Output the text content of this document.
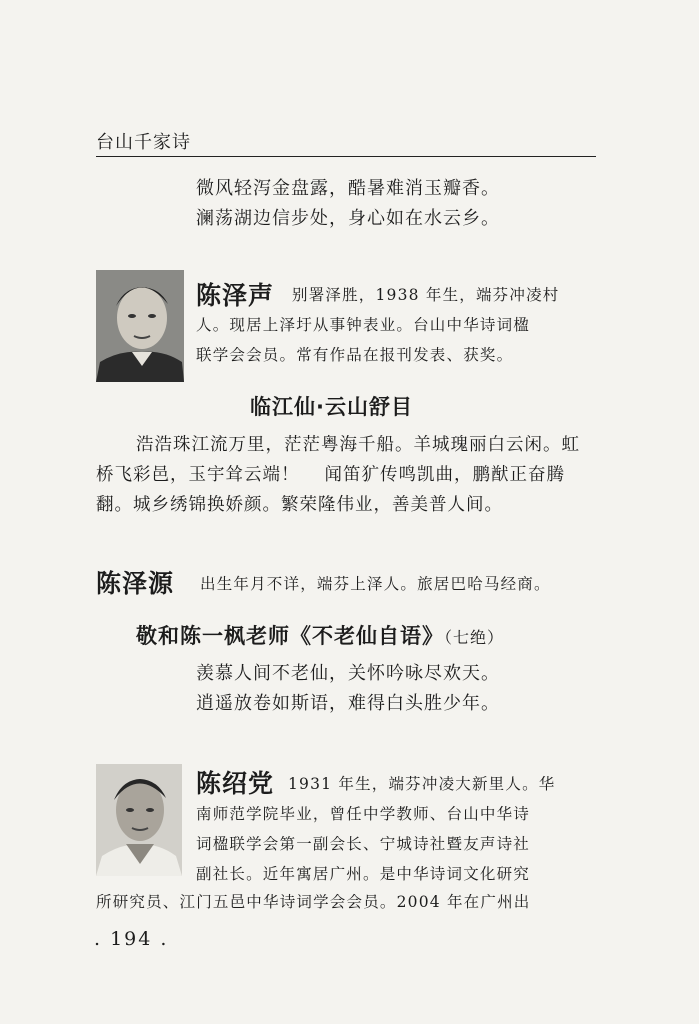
台山千家诗
微风轻泻金盘露，酷暑难消玉瓣香。
澜荡湖边信步处，身心如在水云乡。
陈泽声 别署泽胜，1938 年生，端芬冲凌村
人。现居上泽圩从事钟表业。台山中华诗词楹
联学会会员。常有作品在报刊发表、获奖。
临江仙·云山舒目
浩浩珠江流万里，茫茫粤海千船。羊城瑰丽白云闲。虹
桥飞彩邑，玉宇耸云端！　 闻笛犷传鸣凯曲，鹏猷正奋腾
翻。城乡绣锦换娇颜。繁荣隆伟业，善美普人间。
陈泽源 出生年月不详，端芬上泽人。旅居巴哈马经商。
敬和陈一枫老师《不老仙自语》（七绝）
羡慕人间不老仙，关怀吟咏尽欢天。
逍遥放卷如斯语，难得白头胜少年。
陈绍党 1931 年生，端芬冲凌大新里人。华
南师范学院毕业，曾任中学教师、台山中华诗
词楹联学会第一副会长、宁城诗社暨友声诗社
副社长。近年寓居广州。是中华诗词文化研究
所研究员、江门五邑中华诗词学会会员。2004 年在广州出
. 194 .
